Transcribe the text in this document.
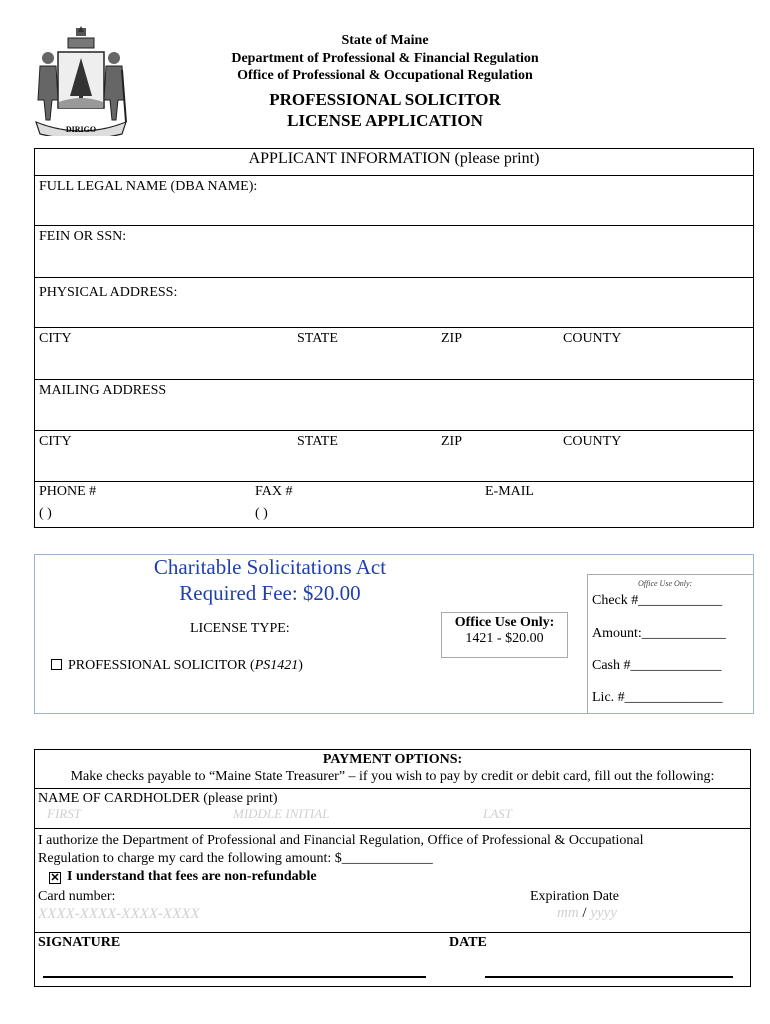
DIRIGO
State of Maine
Department of Professional & Financial Regulation
Office of Professional & Occupational Regulation
PROFESSIONAL SOLICITOR
LICENSE APPLICATION
APPLICANT INFORMATION (please print)
FULL LEGAL NAME (DBA NAME):
FEIN OR SSN:
PHYSICAL ADDRESS:
CITY	STATE	ZIP	COUNTY
MAILING ADDRESS
CITY	STATE	ZIP	COUNTY
PHONE #	FAX #	E-MAIL
( )	( )
Charitable Solicitations Act
Required Fee: $20.00
LICENSE TYPE:
PROFESSIONAL SOLICITOR (PS1421)
Office Use Only:
1421 - $20.00
Office Use Only:
Check #____________
Amount:____________
Cash #_____________
Lic. #______________
PAYMENT OPTIONS:
Make checks payable to “Maine State Treasurer” – if you wish to pay by credit or debit card, fill out the following:
NAME OF CARDHOLDER (please print)
FIRST	MIDDLE INITIAL	LAST
I authorize the Department of Professional and Financial Regulation, Office of Professional & Occupational
Regulation to charge my card the following amount: $_____________
✕ I understand that fees are non-refundable
Card number:
XXXX-XXXX-XXXX-XXXX
Expiration Date
mm / yyyy
SIGNATURE	DATE
